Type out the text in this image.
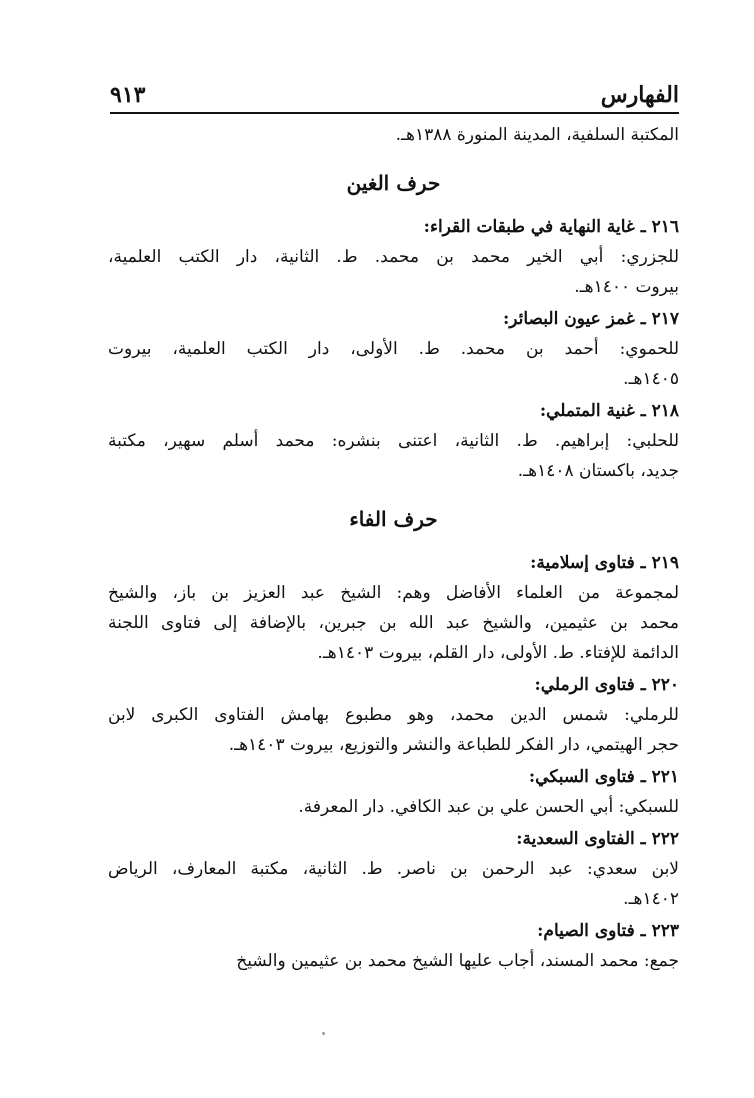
الفهارس
٩١٣
المكتبة السلفية، المدينة المنورة ١٣٨٨هـ.
حرف الغين
٢١٦ ـ غاية النهاية في طبقات القراء:
للجزري: أبي الخير محمد بن محمد. ط. الثانية، دار الكتب العلمية،
بيروت ١٤٠٠هـ.
٢١٧ ـ غمز عيون البصائر:
للحموي: أحمد بن محمد. ط. الأولى، دار الكتب العلمية، بيروت
١٤٠٥هـ.
٢١٨ ـ غنية المتملي:
للحلبي: إبراهيم. ط. الثانية، اعتنى بنشره: محمد أسلم سهير، مكتبة
جديد، باكستان ١٤٠٨هـ.
حرف الفاء
٢١٩ ـ فتاوى إسلامية:
لمجموعة من العلماء الأفاضل وهم: الشيخ عبد العزيز بن باز، والشيخ
محمد بن عثيمين، والشيخ عبد الله بن جبرين، بالإضافة إلى فتاوى اللجنة
الدائمة للإفتاء. ط. الأولى، دار القلم، بيروت ١٤٠٣هـ.
٢٢٠ ـ فتاوى الرملي:
للرملي: شمس الدين محمد، وهو مطبوع بهامش الفتاوى الكبرى لابن
حجر الهيتمي، دار الفكر للطباعة والنشر والتوزيع، بيروت ١٤٠٣هـ.
٢٢١ ـ فتاوى السبكي:
للسبكي: أبي الحسن علي بن عبد الكافي. دار المعرفة.
٢٢٢ ـ الفتاوى السعدية:
لابن سعدي: عبد الرحمن بن ناصر. ط. الثانية، مكتبة المعارف، الرياض
١٤٠٢هـ.
٢٢٣ ـ فتاوى الصيام:
جمع: محمد المسند، أجاب عليها الشيخ محمد بن عثيمين والشيخ
